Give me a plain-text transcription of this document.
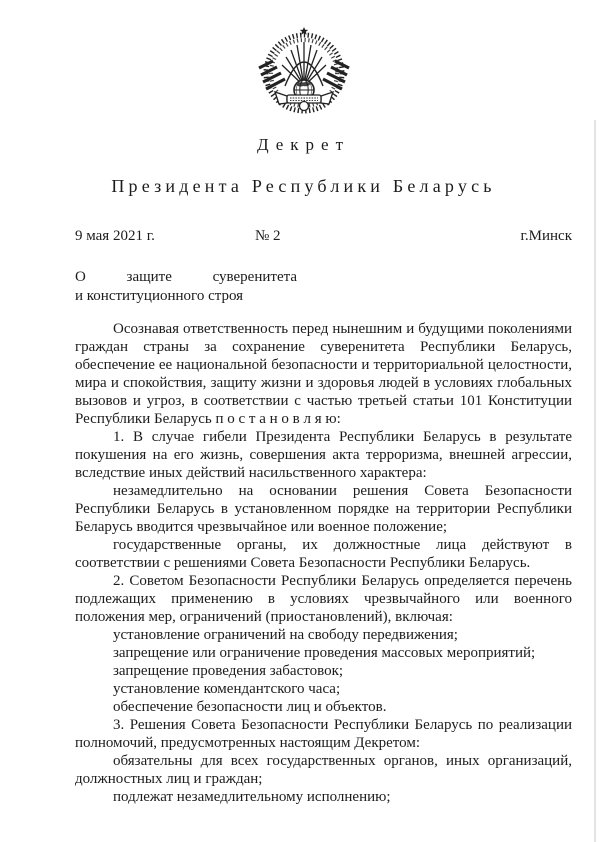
Декрет
Президента Республики Беларусь
9 мая 2021 г.	№ 2	г.Минск
О защите суверенитета
и конституционного строя

Осознавая ответственность перед нынешним и будущими поколениями граждан страны за сохранение суверенитета Республики Беларусь, обеспечение ее национальной безопасности и территориальной целостности, мира и спокойствия, защиту жизни и здоровья людей в условиях глобальных вызовов и угроз, в соответствии с частью третьей статьи 101 Конституции Республики Беларусь п о с т а н о в л я ю:

1. В случае гибели Президента Республики Беларусь в результате покушения на его жизнь, совершения акта терроризма, внешней агрессии, вследствие иных действий насильственного характера:

незамедлительно на основании решения Совета Безопасности Республики Беларусь в установленном порядке на территории Республики Беларусь вводится чрезвычайное или военное положение;

государственные органы, их должностные лица действуют в соответствии с решениями Совета Безопасности Республики Беларусь.

2. Советом Безопасности Республики Беларусь определяется перечень подлежащих применению в условиях чрезвычайного или военного положения мер, ограничений (приостановлений), включая:

установление ограничений на свободу передвижения;

запрещение или ограничение проведения массовых мероприятий;

запрещение проведения забастовок;

установление комендантского часа;

обеспечение безопасности лиц и объектов.

3. Решения Совета Безопасности Республики Беларусь по реализации полномочий, предусмотренных настоящим Декретом:

обязательны для всех государственных органов, иных организаций, должностных лиц и граждан;

подлежат незамедлительному исполнению;
